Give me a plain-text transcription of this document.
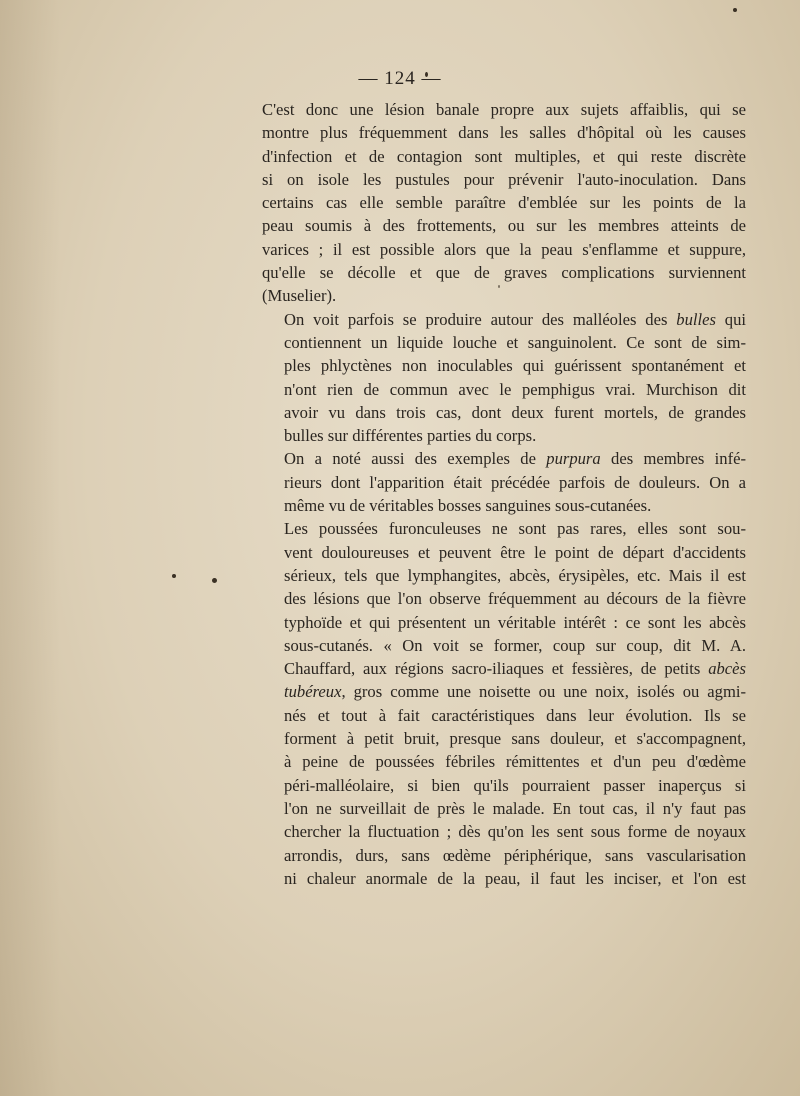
— 124 —

C'est donc une lésion banale propre aux sujets affaiblis, qui se
montre plus fréquemment dans les salles d'hôpital où les causes
d'infection et de contagion sont multiples, et qui reste discrète
si on isole les pustules pour prévenir l'auto-inoculation. Dans
certains cas elle semble paraître d'emblée sur les points de la
peau soumis à des frottements, ou sur les membres atteints de
varices ; il est possible alors que la peau s'enflamme et suppure,
qu'elle se décolle et que de graves complications surviennent
(Muselier).
On voit parfois se produire autour des malléoles des bulles qui
contiennent un liquide louche et sanguinolent. Ce sont de sim-
ples phlyctènes non inoculables qui guérissent spontanément et
n'ont rien de commun avec le pemphigus vrai. Murchison dit
avoir vu dans trois cas, dont deux furent mortels, de grandes
bulles sur différentes parties du corps.
On a noté aussi des exemples de purpura des membres infé-
rieurs dont l'apparition était précédée parfois de douleurs. On a
même vu de véritables bosses sanguines sous-cutanées.
Les poussées furonculeuses ne sont pas rares, elles sont sou-
vent douloureuses et peuvent être le point de départ d'accidents
sérieux, tels que lymphangites, abcès, érysipèles, etc. Mais il est
des lésions que l'on observe fréquemment au décours de la fièvre
typhoïde et qui présentent un véritable intérêt : ce sont les abcès
sous-cutanés. « On voit se former, coup sur coup, dit M. A.
Chauffard, aux régions sacro-iliaques et fessières, de petits abcès
tubéreux, gros comme une noisette ou une noix, isolés ou agmi-
nés et tout à fait caractéristiques dans leur évolution. Ils se
forment à petit bruit, presque sans douleur, et s'accompagnent,
à peine de poussées fébriles rémittentes et d'un peu d'œdème
péri-malléolaire, si bien qu'ils pourraient passer inaperçus si
l'on ne surveillait de près le malade. En tout cas, il n'y faut pas
chercher la fluctuation ; dès qu'on les sent sous forme de noyaux
arrondis, durs, sans œdème périphérique, sans vascularisation
ni chaleur anormale de la peau, il faut les inciser, et l'on est
